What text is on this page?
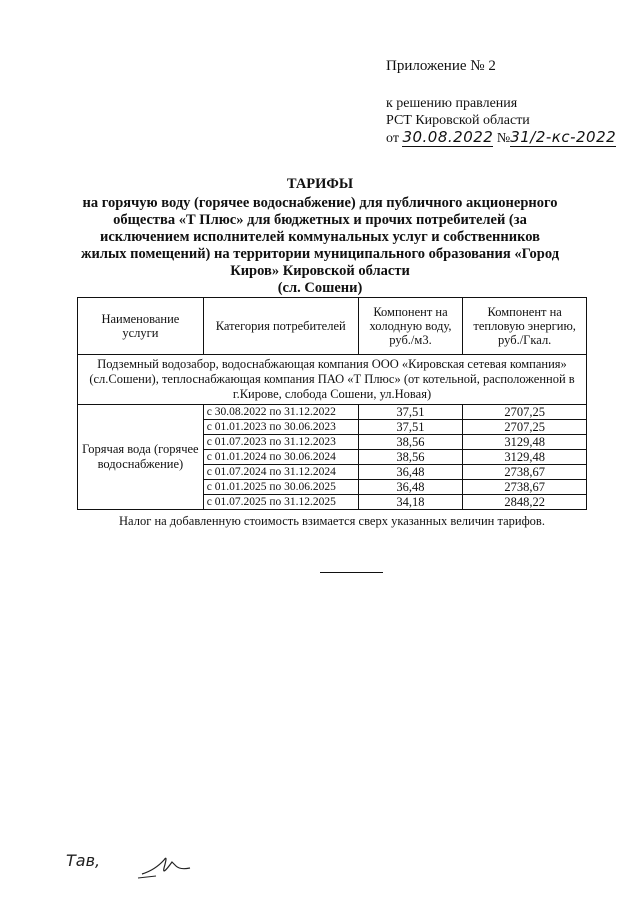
Приложение № 2
к решению правления
РСТ Кировской области
от 30.08.2022 №31/2-кс-2022
ТАРИФЫ
на горячую воду (горячее водоснабжение) для публичного акционерного
общества «Т Плюс» для бюджетных и прочих потребителей (за
исключением исполнителей коммунальных услуг и собственников
жилых помещений) на территории муниципального образования «Город
Киров» Кировской области
(сл. Сошени)
Наименование услуги	Категория потребителей	Компонент на холодную воду, руб./м3.	Компонент на тепловую энергию, руб./Гкал.
Подземный водозабор, водоснабжающая компания ООО «Кировская сетевая компания» (сл.Сошени), теплоснабжающая компания ПАО «Т Плюс» (от котельной, расположенной в г.Кирове, слобода Сошени, ул.Новая)			
Горячая вода (горячее водоснабжение)	с 30.08.2022 по 31.12.2022	37,51	2707,25
	с 01.01.2023 по 30.06.2023	37,51	2707,25
	с 01.07.2023 по 31.12.2023	38,56	3129,48
	с 01.01.2024 по 30.06.2024	38,56	3129,48
	с 01.07.2024 по 31.12.2024	36,48	2738,67
	с 01.01.2025 по 30.06.2025	36,48	2738,67
	с 01.07.2025 по 31.12.2025	34,18	2848,22
Налог на добавленную стоимость взимается сверх указанных величин тарифов.
Тав,
